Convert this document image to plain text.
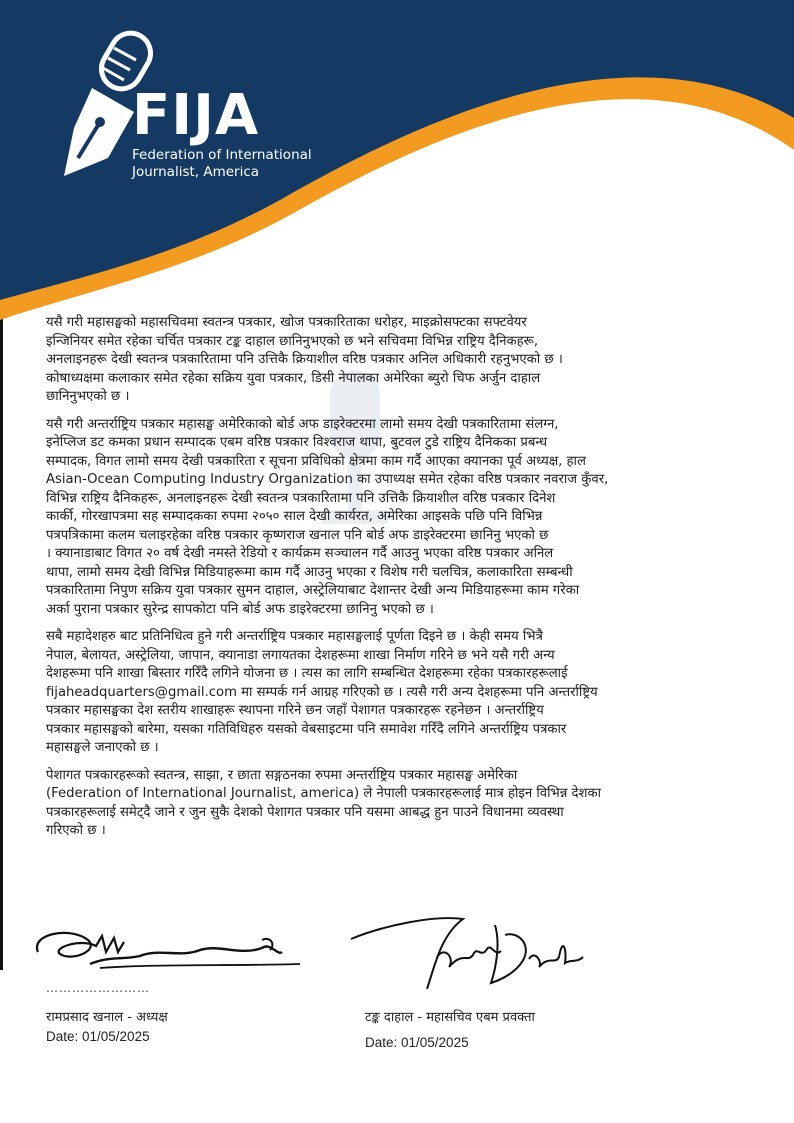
FIJA
Federation of International
Journalist, America

यसै गरी महासङ्घको महासचिवमा स्वतन्त्र पत्रकार, खोज पत्रकारिताका धरोहर, माइक्रोसफ्टका सफ्टवेयर
इन्जिनियर समेत रहेका चर्चित पत्रकार टङ्क दाहाल छानिनुभएको छ भने सचिवमा विभिन्न राष्ट्रिय दैनिकहरू,
अनलाइनहरू देखी स्वतन्त्र पत्रकारितामा पनि उत्तिकै क्रियाशील वरिष्ठ पत्रकार अनिल अधिकारी रहनुभएको छ ।
कोषाध्यक्षमा कलाकार समेत रहेका सक्रिय युवा पत्रकार, डिसी नेपालका अमेरिका ब्युरो चिफ अर्जुन दाहाल
छानिनुभएको छ ।

यसै गरी अन्तर्राष्ट्रिय पत्रकार महासङ्घ अमेरिकाको बोर्ड अफ डाइरेक्टरमा लामो समय देखी पत्रकारितामा संलग्न,
इनेप्लिज डट कमका प्रधान सम्पादक एबम वरिष्ठ पत्रकार विश्वराज थापा, बुटवल टुडे राष्ट्रिय दैनिकका प्रबन्ध
सम्पादक, विगत लामो समय देखी पत्रकारिता र सूचना प्रविधिको क्षेत्रमा काम गर्दै आएका क्यानका पूर्व अध्यक्ष, हाल
Asian-Ocean Computing Industry Organization का उपाध्यक्ष समेत रहेका वरिष्ठ पत्रकार नवराज कुँवर,
विभिन्न राष्ट्रिय दैनिकहरू, अनलाइनहरू देखी स्वतन्त्र पत्रकारितामा पनि उत्तिकै क्रियाशील वरिष्ठ पत्रकार दिनेश
कार्की, गोरखापत्रमा सह सम्पादकका रुपमा २०५० साल देखी कार्यरत, अमेरिका आइसके पछि पनि विभिन्न
पत्रपत्रिकामा कलम चलाइरहेका वरिष्ठ पत्रकार कृष्णराज खनाल पनि बोर्ड अफ डाइरेक्टरमा छानिनु भएको छ
। क्यानाडाबाट विगत २० वर्ष देखी नमस्ते रेडियो र कार्यक्रम सञ्चालन गर्दै आउनु भएका वरिष्ठ पत्रकार अनिल
थापा, लामो समय देखी विभिन्न मिडियाहरूमा काम गर्दै आउनु भएका र विशेष गरी चलचित्र, कलाकारिता सम्बन्धी
पत्रकारितामा निपुण सक्रिय युवा पत्रकार सुमन दाहाल, अस्ट्रेलियाबाट देशान्तर देखी अन्य मिडियाहरूमा काम गरेका
अर्का पुराना पत्रकार सुरेन्द्र सापकोटा पनि बोर्ड अफ डाइरेक्टरमा छानिनु भएको छ ।

सबै महादेशहरु बाट प्रतिनिधित्व हुने गरी अन्तर्राष्ट्रिय पत्रकार महासङ्घलाई पूर्णता दिइने छ । केही समय भित्रै
नेपाल, बेलायत, अस्ट्रेलिया, जापान, क्यानाडा लगायतका देशहरूमा शाखा निर्माण गरिने छ भने यसै गरी अन्य
देशहरूमा पनि शाखा बिस्तार गरिँदै लगिने योजना छ । त्यस का लागि सम्बन्धित देशहरूमा रहेका पत्रकारहरूलाई
fijaheadquarters@gmail.com मा सम्पर्क गर्न आग्रह गरिएको छ । त्यसै गरी अन्य देशहरूमा पनि अन्तर्राष्ट्रिय
पत्रकार महासङ्घका देश स्तरीय शाखाहरू स्थापना गरिने छन जहाँ पेशागत पत्रकारहरू रहनेछन । अन्तर्राष्ट्रिय
पत्रकार महासङ्घको बारेमा, यसका गतिविधिहरु यसको वेबसाइटमा पनि समावेश गरिँदै लगिने अन्तर्राष्ट्रिय पत्रकार
महासङ्घले जनाएको छ ।

पेशागत पत्रकारहरूको स्वतन्त्र, साझा, र छाता सङ्गठनका रुपमा अन्तर्राष्ट्रिय पत्रकार महासङ्घ अमेरिका
(Federation of International Journalist, america) ले नेपाली पत्रकारहरूलाई मात्र होइन विभिन्न देशका
पत्रकारहरूलाई समेट्दै जाने र जुन सुकै देशको पेशागत पत्रकार पनि यसमा आबद्ध हुन पाउने विधानमा व्यवस्था
गरिएको छ ।

……………………
रामप्रसाद खनाल - अध्यक्ष
Date: 01/05/2025
टङ्क दाहाल - महासचिव एबम प्रवक्ता
Date: 01/05/2025
